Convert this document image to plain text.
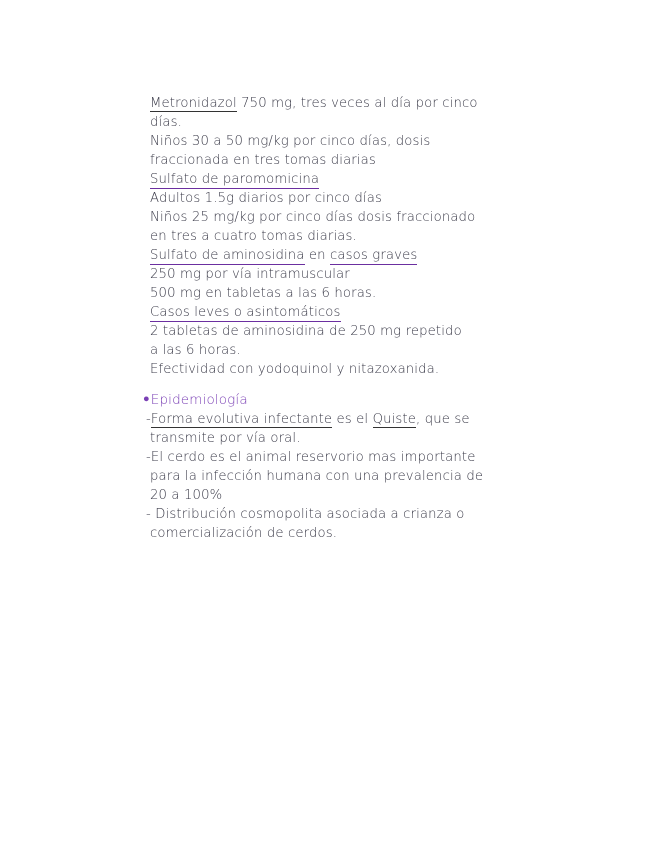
Metronidazol 750 mg, tres veces al día por cinco
días.
Niños 30 a 50 mg/kg por cinco días, dosis
fraccionada en tres tomas diarias
Sulfato de paromomicina
Adultos 1.5g diarios por cinco días
Niños 25 mg/kg por cinco días dosis fraccionado
en tres a cuatro tomas diarias.
Sulfato de aminosidina en casos graves
250 mg por vía intramuscular
500 mg en tabletas a las 6 horas.
Casos leves o asintomáticos
2 tabletas de aminosidina de 250 mg repetido
a las 6 horas.
Efectividad con yodoquinol y nitazoxanida.
•Epidemiología
-Forma evolutiva infectante es el Quiste, que se
transmite por vía oral.
-El cerdo es el animal reservorio mas importante
para la infección humana con una prevalencia de
20 a 100%
- Distribución cosmopolita asociada a crianza o
comercialización de cerdos.
